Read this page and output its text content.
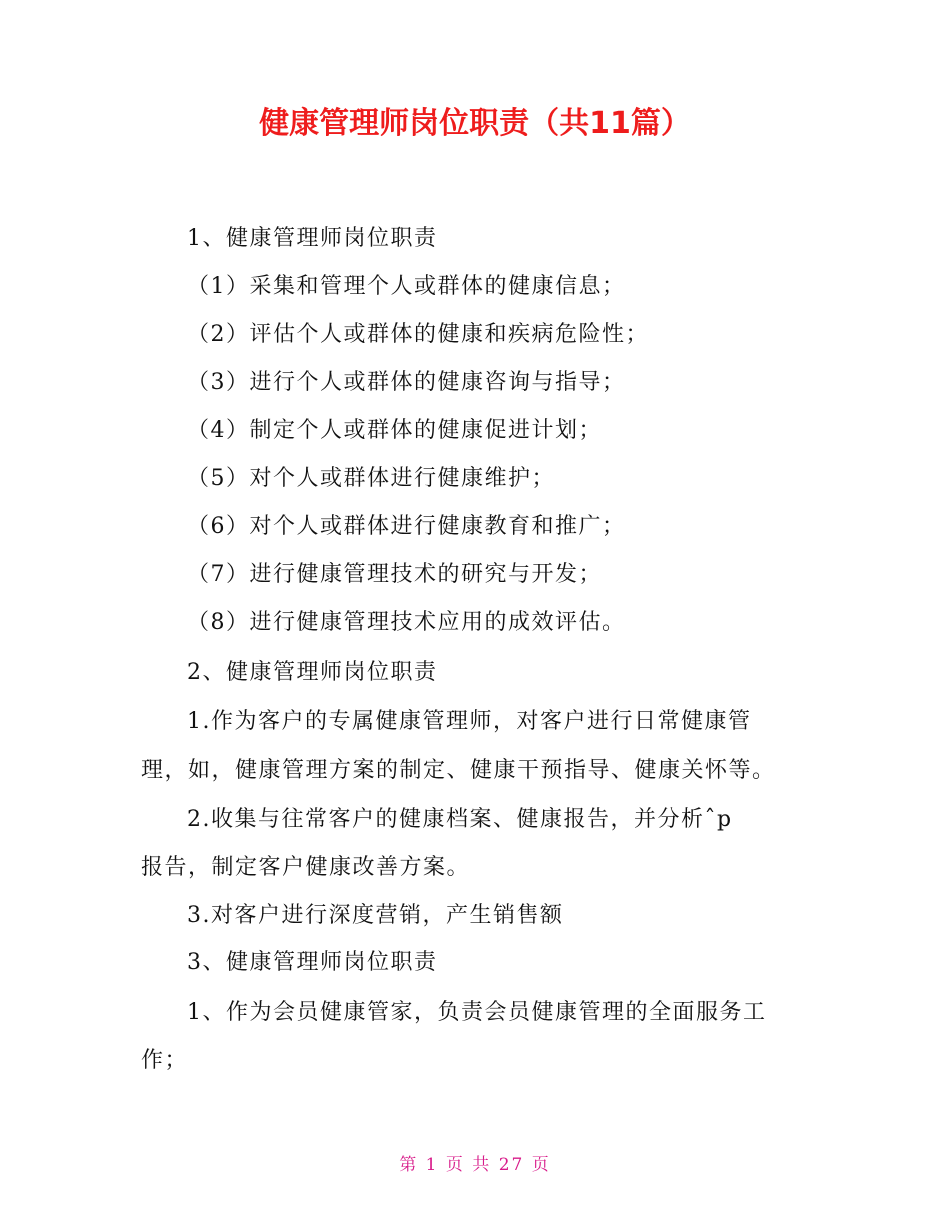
健康管理师岗位职责（共11篇）

1、健康管理师岗位职责

（1）采集和管理个人或群体的健康信息；

（2）评估个人或群体的健康和疾病危险性；

（3）进行个人或群体的健康咨询与指导；

（4）制定个人或群体的健康促进计划；

（5）对个人或群体进行健康维护；

（6）对个人或群体进行健康教育和推广；

（7）进行健康管理技术的研究与开发；

（8）进行健康管理技术应用的成效评估。

2、健康管理师岗位职责

1.作为客户的专属健康管理师，对客户进行日常健康管

理，如，健康管理方案的制定、健康干预指导、健康关怀等。

2.收集与往常客户的健康档案、健康报告，并分析ˆp

报告，制定客户健康改善方案。

3.对客户进行深度营销，产生销售额

3、健康管理师岗位职责

1、作为会员健康管家，负责会员健康管理的全面服务工

作；

第 1 页 共 27 页
